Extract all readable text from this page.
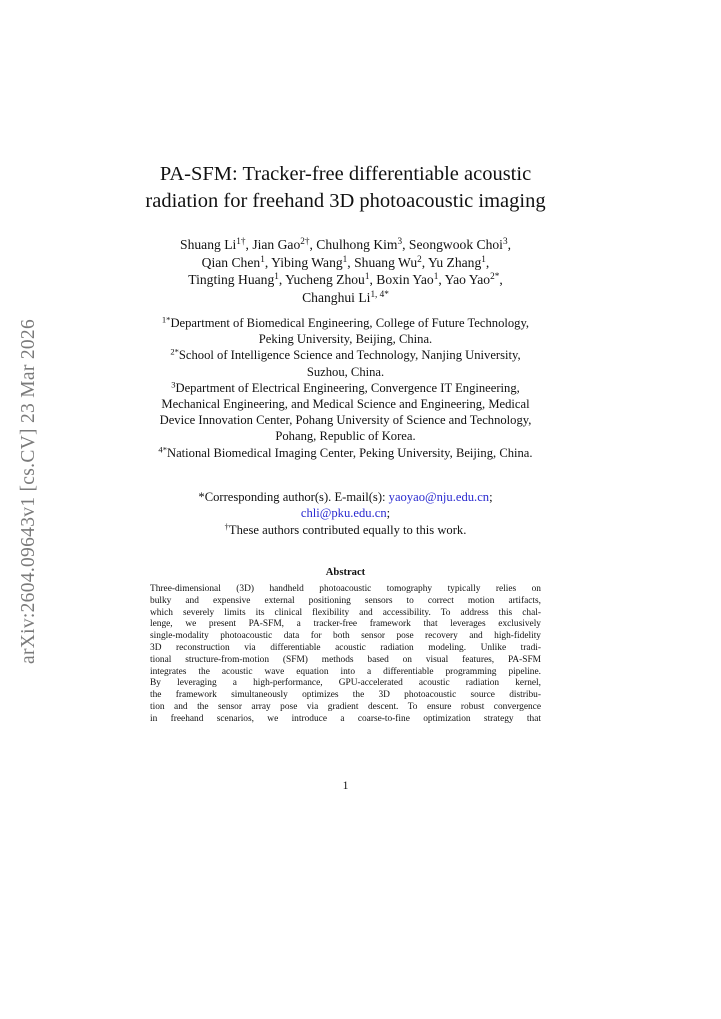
arXiv:2604.09643v1 [cs.CV] 23 Mar 2026
PA-SFM: Tracker-free differentiable acoustic
radiation for freehand 3D photoacoustic imaging
Shuang $Li^{1\dagger}$, Jian Gao$^{2\dagger}$, Chulhong Kim$^3$, Seongwook Choi$^3$,
Qian Chen$^1$, Yibing Wang$^1$, Shuang Wu$^2$, Yu Zhang$^1$,
Tingting Huang$^1$, Yucheng Zhou$^1$, Boxin Yao$^1$, Yao Yao$^{2*}$,
Changhui $Li^{1, 4*}$
$^{1*}$Department of Biomedical Engineering, College of Future Technology,
Peking University, Beijing, China.
$^{2*}$School of Intelligence Science and Technology, Nanjing University,
Suzhou, China.
$^3$Department of Electrical Engineering, Convergence IT Engineering,
Mechanical Engineering, and Medical Science and Engineering, Medical
Device Innovation Center, Pohang University of Science and Technology,
Pohang, Republic of Korea.
$^{4*}$National Biomedical Imaging Center, Peking University, Beijing, China.
*Corresponding author(s). E-mail(s): yaoyao@nju.edu.cn;
chli@pku.edu.cn;
†These authors contributed equally to this work.
Abstract
Three-dimensional (3D) handheld photoacoustic tomography typically relies on
bulky and expensive external positioning sensors to correct motion artifacts,
which severely limits its clinical flexibility and accessibility. To address this chal-
lenge, we present PA-SFM, a tracker-free framework that leverages exclusively
single-modality photoacoustic data for both sensor pose recovery and high-fidelity
3D reconstruction via differentiable acoustic radiation modeling. Unlike tradi-
tional structure-from-motion (SFM) methods based on visual features, PA-SFM
integrates the acoustic wave equation into a differentiable programming pipeline.
By leveraging a high-performance, GPU-accelerated acoustic radiation kernel,
the framework simultaneously optimizes the 3D photoacoustic source distribu-
tion and the sensor array pose via gradient descent. To ensure robust convergence
in freehand scenarios, we introduce a coarse-to-fine optimization strategy that
1
